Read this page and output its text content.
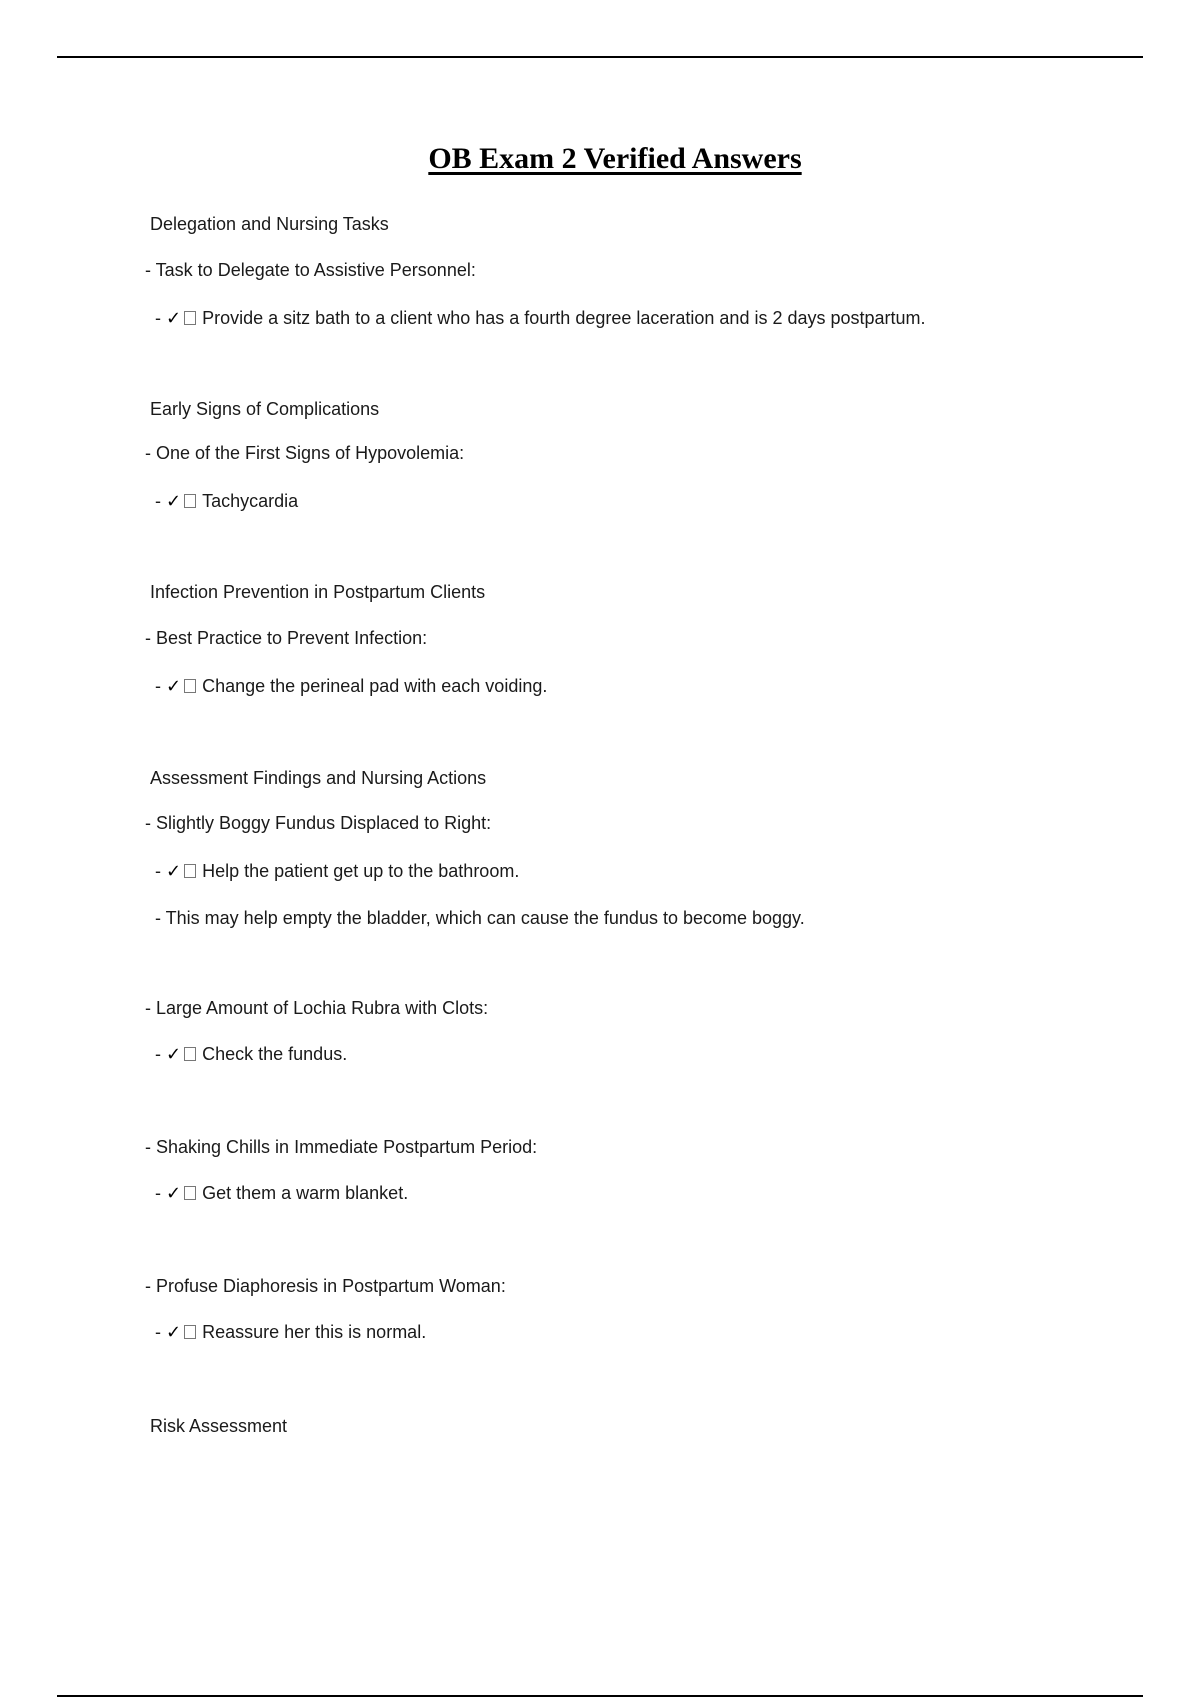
OB Exam 2 Verified Answers

Delegation and Nursing Tasks

- Task to Delegate to Assistive Personnel:

- ✓ Provide a sitz bath to a client who has a fourth degree laceration and is 2 days postpartum.

Early Signs of Complications

- One of the First Signs of Hypovolemia:

- ✓ Tachycardia

Infection Prevention in Postpartum Clients

- Best Practice to Prevent Infection:

- ✓ Change the perineal pad with each voiding.

Assessment Findings and Nursing Actions

- Slightly Boggy Fundus Displaced to Right:

- ✓ Help the patient get up to the bathroom.

- This may help empty the bladder, which can cause the fundus to become boggy.

- Large Amount of Lochia Rubra with Clots:

- ✓ Check the fundus.

- Shaking Chills in Immediate Postpartum Period:

- ✓ Get them a warm blanket.

- Profuse Diaphoresis in Postpartum Woman:

- ✓ Reassure her this is normal.

Risk Assessment
